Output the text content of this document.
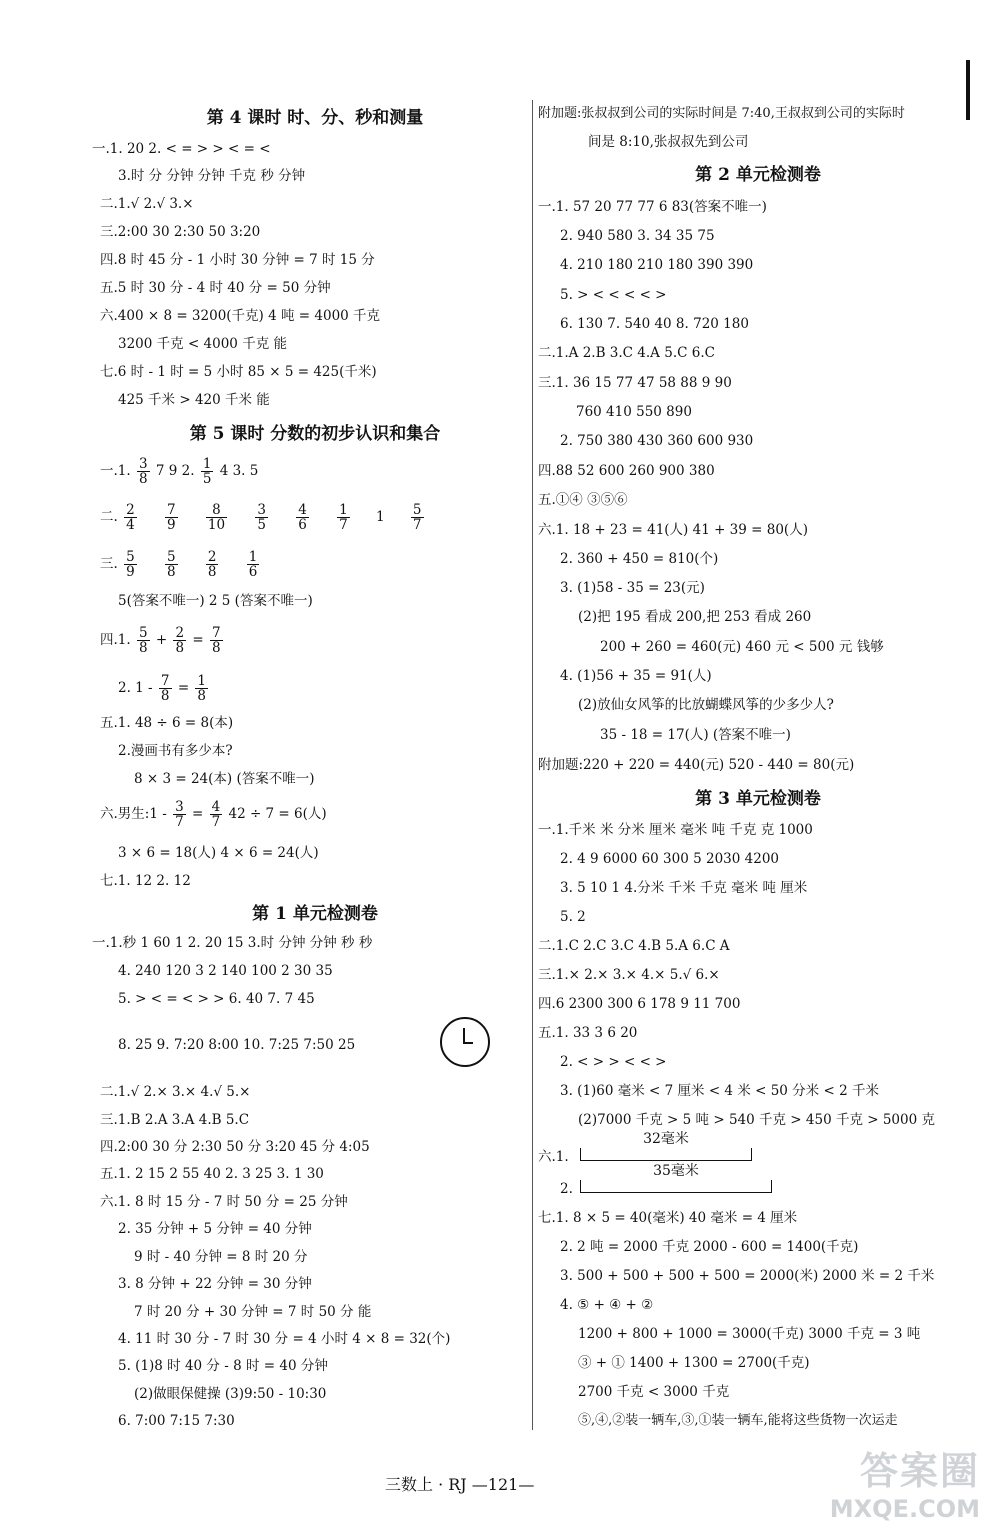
第 4 课时 时、分、秒和测量
一.1. 20 2. < = > > < = <
3.时 分 分钟 分钟 千克 秒 分钟
二.1.√ 2.√ 3.×
三.2:00 30 2:30 50 3:20
四.8 时 45 分 - 1 小时 30 分钟 = 7 时 15 分
五.5 时 30 分 - 4 时 40 分 = 50 分钟
六.400 × 8 = 3200(千克) 4 吨 = 4000 千克
3200 千克 < 4000 千克 能
七.6 时 - 1 时 = 5 小时 85 × 5 = 425(千米)
425 千米 > 420 千米 能
第 5 课时 分数的初步认识和集合
一.1. $\frac{3}{8} 7$ 9 2. $\frac{1}{5} 4$ 3. 5
二. $\frac{2}{4}$
$\frac{7}{9}$
$\frac{8}{10}$
$\frac{3}{5}$
$\frac{4}{6}$
$\frac{1}{7} 1 \frac{5}{7}$
三. $\frac{5}{9}$
$\frac{5}{8}$
$\frac{2}{8}$
$\frac{1}{6}$
5(答案不唯一) 2 5 (答案不唯一)
四.1. $\frac{5}{8} + \frac{2}{8} = \frac{7}{8}$
2. $1 - \frac{7}{8} = \frac{1}{8}$
五.1. 48 ÷ 6 = 8(本)
2.漫画书有多少本?
8 × 3 = 24(本) (答案不唯一)
六.男生:1 - $\frac{3}{7} = \frac{4}{7} 42 \div 7 = 6$(人)
3 × 6 = 18(人) 4 × 6 = 24(人)
七.1. 12 2. 12
第 1 单元检测卷
一.1.秒 1 60 1 2. 20 15 3.时 分钟 分钟 秒 秒
4. 240 120 3 2 140 100 2 30 35
5. > < = < > > 6. 40 7. 7 45
8. 25 9. 7:20 8:00 10. 7:25 7:50 25
二.1.√ 2.× 3.× 4.√ 5.×
三.1.B 2.A 3.A 4.B 5.C
四.2:00 30 分 2:30 50 分 3:20 45 分 4:05
五.1. 2 15 2 55 40 2. 3 25 3. 1 30
六.1. 8 时 15 分 - 7 时 50 分 = 25 分钟
2. 35 分钟 + 5 分钟 = 40 分钟
9 时 - 40 分钟 = 8 时 20 分
3. 8 分钟 + 22 分钟 = 30 分钟
7 时 20 分 + 30 分钟 = 7 时 50 分 能
4. 11 时 30 分 - 7 时 30 分 = 4 小时 4 × 8 = 32(个)
5. (1)8 时 40 分 - 8 时 = 40 分钟
(2)做眼保健操 (3)9:50 - 10:30
6. 7:00 7:15 7:30
附加题:张叔叔到公司的实际时间是 7:40,王叔叔到公司的实际时
间是 8:10,张叔叔先到公司
第 2 单元检测卷
一.1. 57 20 77 77 6 83(答案不唯一)
2. 940 580 3. 34 35 75
4. 210 180 210 180 390 390
5. > < < < < >
6. 130 7. 540 40 8. 720 180
二.1.A 2.B 3.C 4.A 5.C 6.C
三.1. 36 15 77 47 58 88 9 90
760 410 550 890
2. 750 380 430 360 600 930
四.88 52 600 260 900 380
五.①④ ③⑤⑥
六.1. 18 + 23 = 41(人) 41 + 39 = 80(人)
2. 360 + 450 = 810(个)
3. (1)58 - 35 = 23(元)
(2)把 195 看成 200,把 253 看成 260
200 + 260 = 460(元) 460 元 < 500 元 钱够
4. (1)56 + 35 = 91(人)
(2)放仙女风筝的比放蝴蝶风筝的少多少人?
35 - 18 = 17(人) (答案不唯一)
附加题:220 + 220 = 440(元) 520 - 440 = 80(元)
第 3 单元检测卷
一.1.千米 米 分米 厘米 毫米 吨 千克 克 1000
2. 4 9 6000 60 300 5 2030 4200
3. 5 10 1 4.分米 千米 千克 毫米 吨 厘米
5. 2
二.1.C 2.C 3.C 4.B 5.A 6.C A
三.1.× 2.× 3.× 4.× 5.√ 6.×
四.6 2300 300 6 178 9 11 700
五.1. 33 3 6 20
2. < > > < < >
3. (1)60 毫米 < 7 厘米 < 4 米 < 50 分米 < 2 千米
(2)7000 千克 > 5 吨 > 540 千克 > 450 千克 > 5000 克
六.1.
32毫米
2.
35毫米
七.1. 8 × 5 = 40(毫米) 40 毫米 = 4 厘米
2. 2 吨 = 2000 千克 2000 - 600 = 1400(千克)
3. 500 + 500 + 500 + 500 = 2000(米) 2000 米 = 2 千米
4. ⑤ + ④ + ②
1200 + 800 + 1000 = 3000(千克) 3000 千克 = 3 吨
③ + ① 1400 + 1300 = 2700(千克)
2700 千克 < 3000 千克
⑤,④,②装一辆车,③,①装一辆车,能将这些货物一次运走
三数上 · RJ —121—	答案圈
MXQE.COM
